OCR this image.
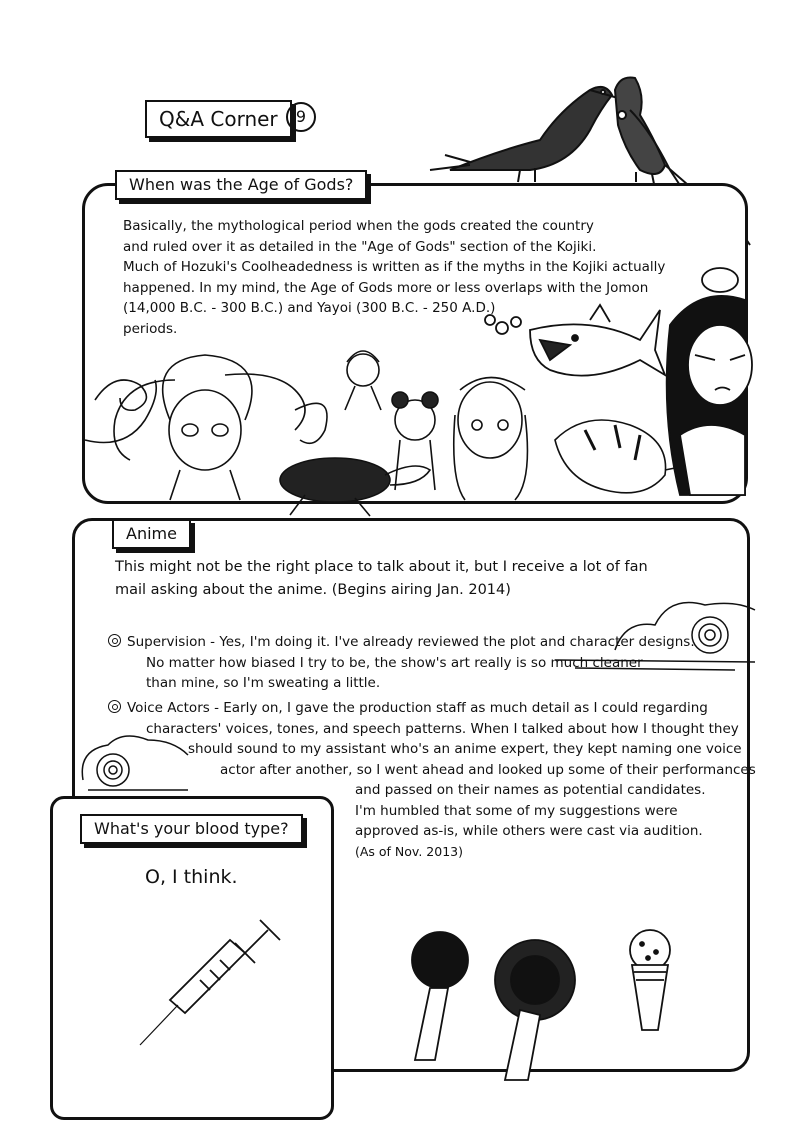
Q&A Corner	9
When was the Age of Gods?
Basically, the mythological period when the gods created the country
and ruled over it as detailed in the "Age of Gods" section of the Kojiki.
Much of Hozuki's Coolheadedness is written as if the myths in the Kojiki actually
happened. In my mind, the Age of Gods more or less overlaps with the Jomon
(14,000 B.C. - 300 B.C.) and Yayoi (300 B.C. - 250 A.D.)
periods.
Anime
This might not be the right place to talk about it, but I receive a lot of fan
mail asking about the anime. (Begins airing Jan. 2014)
Supervision - Yes, I'm doing it. I've already reviewed the plot and character designs.
No matter how biased I try to be, the show's art really is so much cleaner
than mine, so I'm sweating a little.
Voice Actors - Early on, I gave the production staff as much detail as I could regarding
characters' voices, tones, and speech patterns. When I talked about how I thought they
should sound to my assistant who's an anime expert, they kept naming one voice
actor after another, so I went ahead and looked up some of their performances
and passed on their names as potential candidates.
I'm humbled that some of my suggestions were
approved as-is, while others were cast via audition.
(As of Nov. 2013)
What's your blood type?
O, I think.
